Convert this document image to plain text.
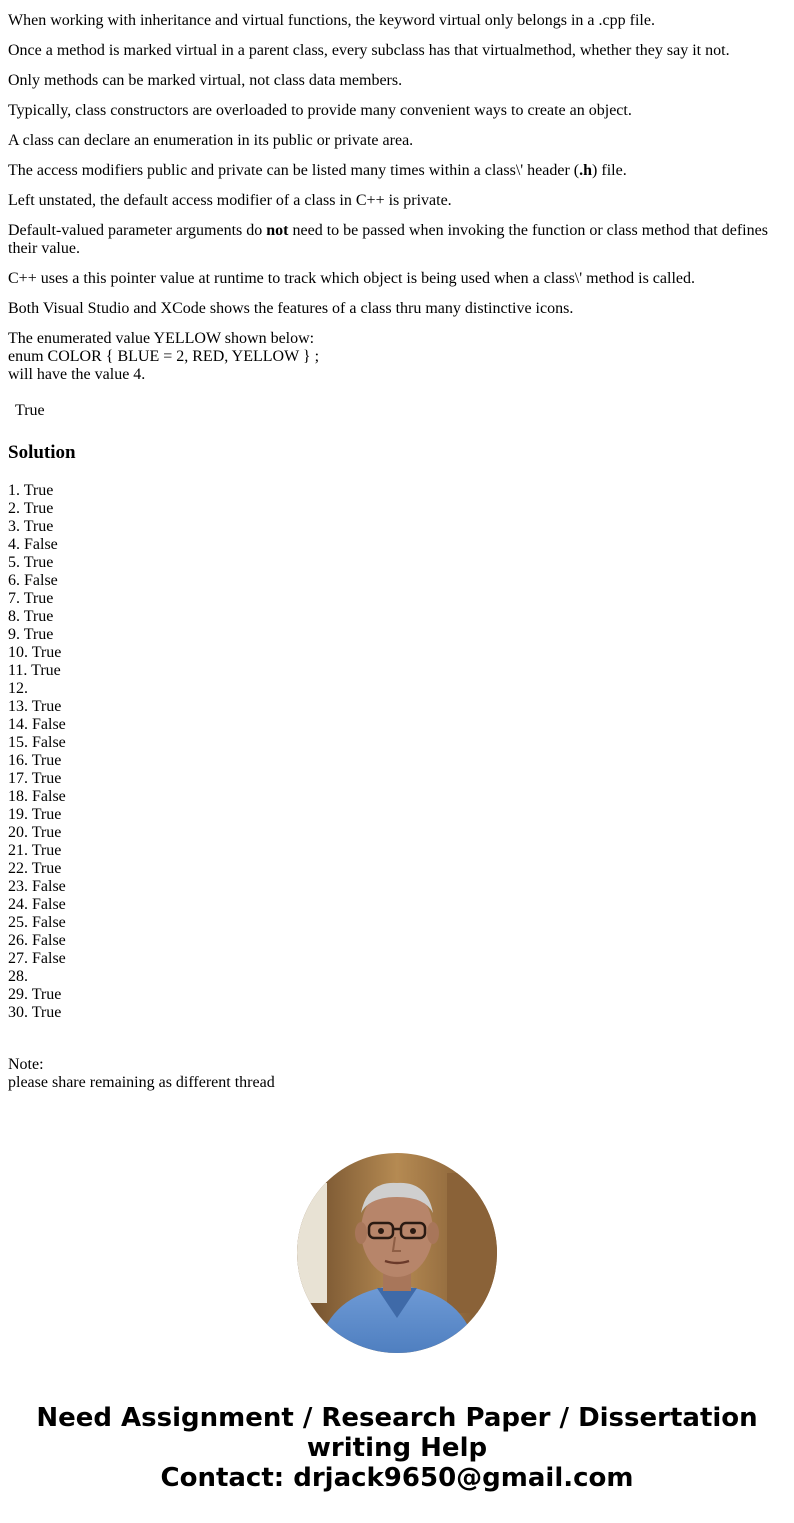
When working with inheritance and virtual functions, the keyword virtual only belongs in a .cpp file.

Once a method is marked virtual in a parent class, every subclass has that virtualmethod, whether they say it not.

Only methods can be marked virtual, not class data members.

Typically, class constructors are overloaded to provide many convenient ways to create an object.

A class can declare an enumeration in its public or private area.

The access modifiers public and private can be listed many times within a class\' header (.h) file.

Left unstated, the default access modifier of a class in C++ is private.

Default-valued parameter arguments do not need to be passed when invoking the function or class method that defines their value.

C++ uses a this pointer value at runtime to track which object is being used when a class\' method is called.

Both Visual Studio and XCode shows the features of a class thru many distinctive icons.

The enumerated value YELLOW shown below:
enum COLOR { BLUE = 2, RED, YELLOW } ;
will have the value 4.

True
Solution
1. True
2. True
3. True
4. False
5. True
6. False
7. True
8. True
9. True
10. True
11. True
12.
13. True
14. False
15. False
16. True
17. True
18. False
19. True
20. True
21. True
22. True
23. False
24. False
25. False
26. False
27. False
28.
29. True
30. True
Note:
please share remaining as different thread
Need Assignment / Research Paper / Dissertation
writing Help
Contact: drjack9650@gmail.com
